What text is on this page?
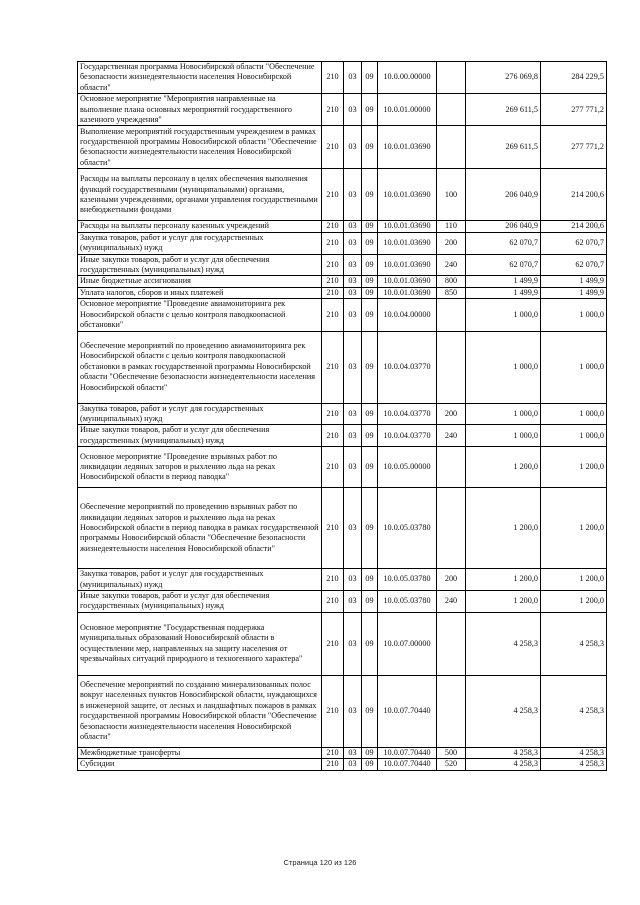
Государственная программа Новосибирской области "Обеспечение безопасности жизнедеятельности населения Новосибирской области"	210	03	09	10.0.00.00000		276 069,8	284 229,5
Основное мероприятие "Мероприятия направленные на выполнение плана основных мероприятий государственного казенного учреждения"	210	03	09	10.0.01.00000		269 611,5	277 771,2
Выполнение мероприятий государственным учреждением в рамках государственной программы Новосибирской области "Обеспечение безопасности жизнедеятельности населения Новосибирской области"	210	03	09	10.0.01.03690		269 611,5	277 771,2
Расходы на выплаты персоналу в целях обеспечения выполнения функций государственными (муниципальными) органами, казенными учреждениями, органами управления государственными внебюджетными фондами	210	03	09	10.0.01.03690	100	206 040,9	214 200,6
Расходы на выплаты персоналу казенных учреждений	210	03	09	10.0.01.03690	110	206 040,9	214 200,6
Закупка товаров, работ и услуг для государственных (муниципальных) нужд	210	03	09	10.0.01.03690	200	62 070,7	62 070,7
Иные закупки товаров, работ и услуг для обеспечения государственных (муниципальных) нужд	210	03	09	10.0.01.03690	240	62 070,7	62 070,7
Иные бюджетные ассигнования	210	03	09	10.0.01.03690	800	1 499,9	1 499,9
Уплата налогов, сборов и иных платежей	210	03	09	10.0.01.03690	850	1 499,9	1 499,9
Основное мероприятие "Проведение авиамониторинга рек Новосибирской области с целью контроля паводкоопасной обстановки"	210	03	09	10.0.04.00000		1 000,0	1 000,0
Обеспечение мероприятий по проведению авиамониторинга рек Новосибирской области с целью контроля паводкоопасной обстановки в рамках государственной программы Новосибирской области "Обеспечение безопасности жизнедеятельности населения Новосибирской области"	210	03	09	10.0.04.03770		1 000,0	1 000,0
Закупка товаров, работ и услуг для государственных (муниципальных) нужд	210	03	09	10.0.04.03770	200	1 000,0	1 000,0
Иные закупки товаров, работ и услуг для обеспечения государственных (муниципальных) нужд	210	03	09	10.0.04.03770	240	1 000,0	1 000,0
Основное мероприятие "Проведение взрывных работ по ликвидации ледяных заторов и рыхлению льда на реках Новосибирской области в период паводка"	210	03	09	10.0.05.00000		1 200,0	1 200,0
Обеспечение мероприятий по проведению взрывных работ по ликвидации ледяных заторов и рыхлению льда на реках Новосибирской области в период паводка в рамках государственной программы Новосибирской области "Обеспечение безопасности жизнедеятельности населения Новосибирской области"	210	03	09	10.0.05.03780		1 200,0	1 200,0
Закупка товаров, работ и услуг для государственных (муниципальных) нужд	210	03	09	10.0.05.03780	200	1 200,0	1 200,0
Иные закупки товаров, работ и услуг для обеспечения государственных (муниципальных) нужд	210	03	09	10.0.05.03780	240	1 200,0	1 200,0
Основное мероприятие "Государственная поддержка муниципальных образований Новосибирской области в осуществлении мер, направленных на защиту населения от чрезвычайных ситуаций природного и техногенного характера"	210	03	09	10.0.07.00000		4 258,3	4 258,3
Обеспечение мероприятий по созданию минерализованных полос вокруг населенных пунктов Новосибирской области, нуждающихся в инженерной защите, от лесных и ландшафтных пожаров в рамках государственной программы Новосибирской области "Обеспечение безопасности жизнедеятельности населения Новосибирской области"	210	03	09	10.0.07.70440		4 258,3	4 258,3
Межбюджетные трансферты	210	03	09	10.0.07.70440	500	4 258,3	4 258,3
Субсидии	210	03	09	10.0.07.70440	520	4 258,3	4 258,3
Страница 120 из 126
